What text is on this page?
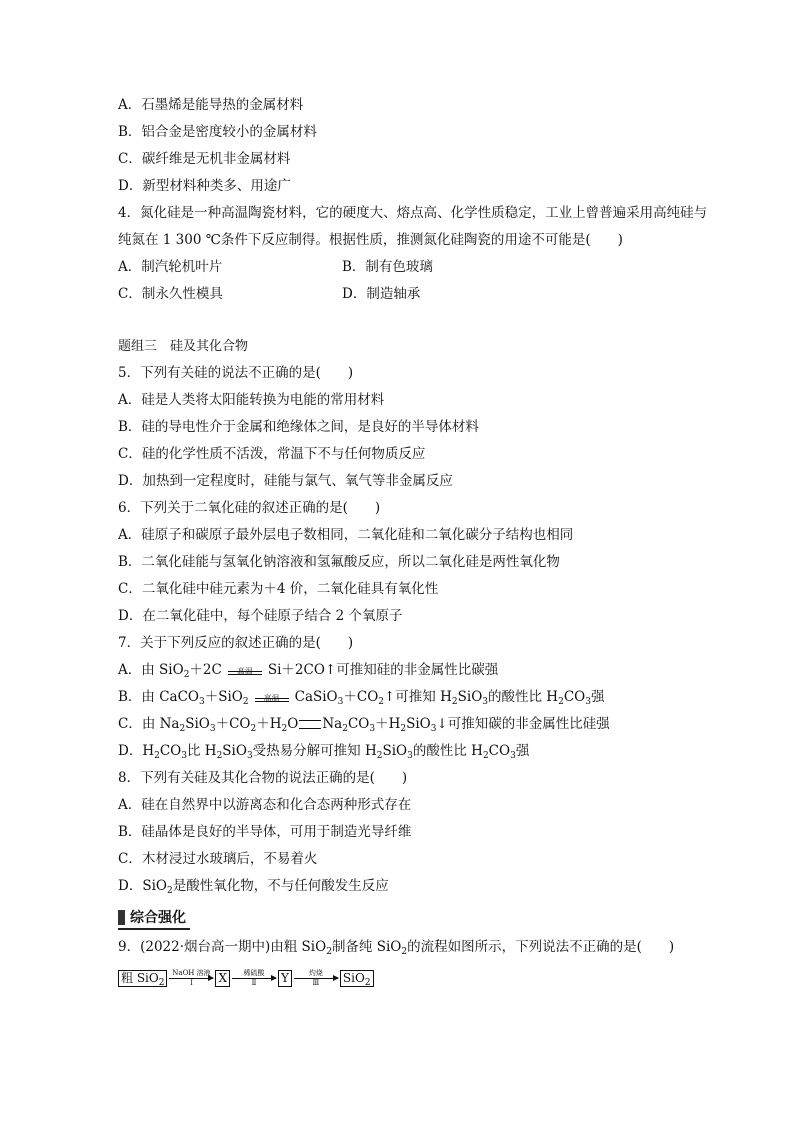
A．石墨烯是能导热的金属材料
B．铝合金是密度较小的金属材料
C．碳纤维是无机非金属材料
D．新型材料种类多、用途广
4．氮化硅是一种高温陶瓷材料，它的硬度大、熔点高、化学性质稳定，工业上曾普遍采用高纯硅与纯氮在 1 300 ℃条件下反应制得。根据性质，推测氮化硅陶瓷的用途不可能是(　　)
A．制汽轮机叶片	B．制有色玻璃
C．制永久性模具	D．制造轴承
题组三　硅及其化合物
5．下列有关硅的说法不正确的是(　　)
A．硅是人类将太阳能转换为电能的常用材料
B．硅的导电性介于金属和绝缘体之间，是良好的半导体材料
C．硅的化学性质不活泼，常温下不与任何物质反应
D．加热到一定程度时，硅能与氯气、氧气等非金属反应
6．下列关于二氧化硅的叙述正确的是(　　)
A．硅原子和碳原子最外层电子数相同，二氧化硅和二氧化碳分子结构也相同
B．二氧化硅能与氢氧化钠溶液和氢氟酸反应，所以二氧化硅是两性氧化物
C．二氧化硅中硅元素为＋4 价，二氧化硅具有氧化性
D．在二氧化硅中，每个硅原子结合 2 个氧原子
7．关于下列反应的叙述正确的是(　　)
A．由 SiO$_2$＋2C	高温	Si＋2CO↑可推知硅的非金属性比碳强
B．由 CaCO$_3$＋SiO$_2$	高温	$CaSiO_3+CO_2↑$可推知 $H_2SiO_3$的酸性比 $H_2CO_3$强
C．由 $Na_2SiO_3+CO_2+H_2O$ $Na_2CO_3+H_2SiO_3↓$可推知碳的非金属性比硅强
D．$H_2CO_3$比 $H_2SiO_3$受热易分解可推知 $H_2SiO_3$的酸性比 $H_2CO_3$强
8．下列有关硅及其化合物的说法正确的是(　　)
A．硅在自然界中以游离态和化合态两种形式存在
B．硅晶体是良好的半导体，可用于制造光导纤维
C．木材浸过水玻璃后，不易着火
D．SiO$_2$是酸性氧化物，不与任何酸发生反应
综合强化
9．(2022·烟台高一期中)由粗 SiO$_2$制备纯 SiO$_2$的流程如图所示，下列说法不正确的是(　　)
粗 SiO$_2$
NaOH 溶液
Ⅰ X	稀硫酸
Ⅱ Y	灼烧
Ⅲ SiO$_2$
